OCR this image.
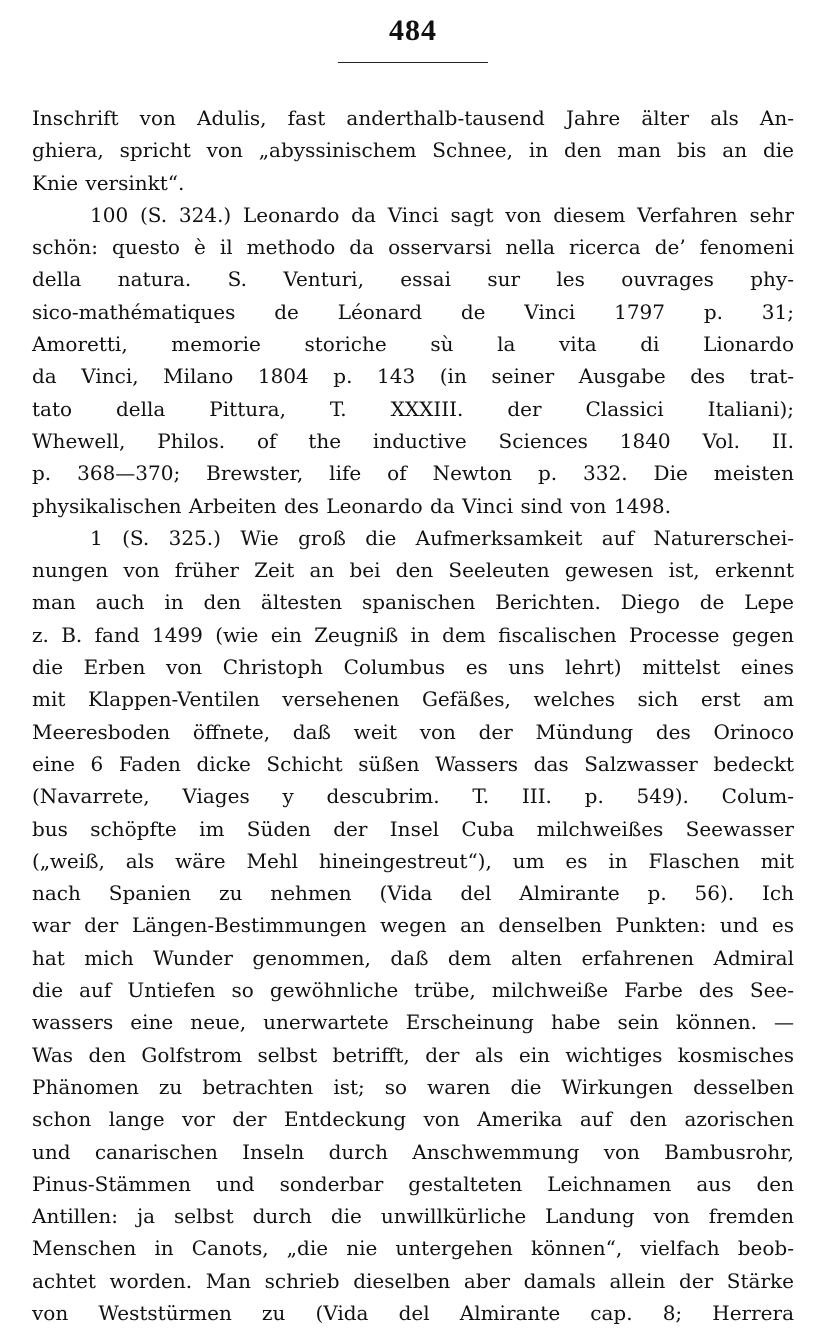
484
Inschrift von Adulis, fast anderthalb-tausend Jahre älter als An-
ghiera, spricht von „abyssinischem Schnee, in den man bis an die
Knie versinkt“.
100 (S. 324.) Leonardo da Vinci sagt von diesem Verfahren sehr
schön: questo è il methodo da osservarsi nella ricerca de’ fenomeni
della natura. S. Venturi, essai sur les ouvrages phy-
sico-mathématiques de Léonard de Vinci 1797 p. 31;
Amoretti, memorie storiche sù la vita di Lionardo
da Vinci, Milano 1804 p. 143 (in seiner Ausgabe des trat-
tato della Pittura, T. XXXIII. der Classici Italiani);
Whewell, Philos. of the inductive Sciences 1840 Vol. II.
p. 368—370; Brewster, life of Newton p. 332. Die meisten
physikalischen Arbeiten des Leonardo da Vinci sind von 1498.
1 (S. 325.) Wie groß die Aufmerksamkeit auf Naturerschei-
nungen von früher Zeit an bei den Seeleuten gewesen ist, erkennt
man auch in den ältesten spanischen Berichten. Diego de Lepe
z. B. fand 1499 (wie ein Zeugniß in dem fiscalischen Processe gegen
die Erben von Christoph Columbus es uns lehrt) mittelst eines
mit Klappen-Ventilen versehenen Gefäßes, welches sich erst am
Meeresboden öffnete, daß weit von der Mündung des Orinoco
eine 6 Faden dicke Schicht süßen Wassers das Salzwasser bedeckt
(Navarrete, Viages y descubrim. T. III. p. 549). Colum-
bus schöpfte im Süden der Insel Cuba milchweißes Seewasser
(„weiß, als wäre Mehl hineingestreut“), um es in Flaschen mit
nach Spanien zu nehmen (Vida del Almirante p. 56). Ich
war der Längen-Bestimmungen wegen an denselben Punkten: und es
hat mich Wunder genommen, daß dem alten erfahrenen Admiral
die auf Untiefen so gewöhnliche trübe, milchweiße Farbe des See-
wassers eine neue, unerwartete Erscheinung habe sein können. —
Was den Golfstrom selbst betrifft, der als ein wichtiges kosmisches
Phänomen zu betrachten ist; so waren die Wirkungen desselben
schon lange vor der Entdeckung von Amerika auf den azorischen
und canarischen Inseln durch Anschwemmung von Bambusrohr,
Pinus-Stämmen und sonderbar gestalteten Leichnamen aus den
Antillen: ja selbst durch die unwillkürliche Landung von fremden
Menschen in Canots, „die nie untergehen können“, vielfach beob-
achtet worden. Man schrieb dieselben aber damals allein der Stärke
von Weststürmen zu (Vida del Almirante cap. 8; Herrera
